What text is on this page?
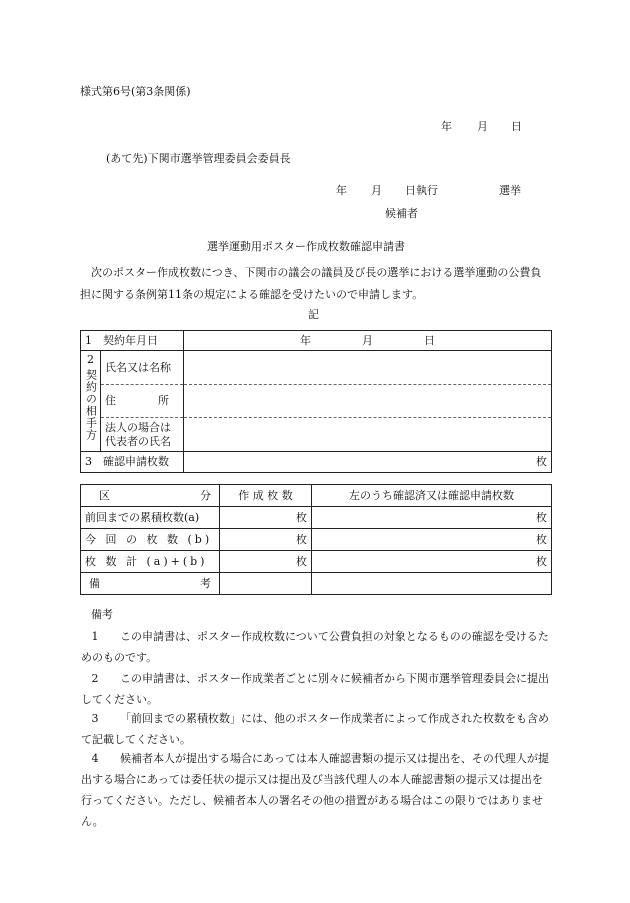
様式第6号(第3条関係)
年 月 日
(あて先)下関市選挙管理委員会委員長
年 月 日執行	選挙
候補者
選挙運動用ポスター作成枚数確認申請書
次のポスター作成枚数につき、下関市の議会の議員及び長の選挙における選挙運動の公費負担に関する条例第11条の規定による確認を受けたいので申請します。
記
1　契約年月日		年 月 日

2
契約の相手方	氏名又は名称	
	住 所	

	法人の場合は
代表者の氏名	

3　確認申請枚数		枚
区 分	作 成 枚 数	左のうち確認済又は確認申請枚数
前回までの累積枚数(a)	枚	枚
今 回 の 枚 数 (b)	枚	枚
枚 数 計 (a)+(b)	枚	枚
備 考		

備考
1	この申請書は、ポスター作成枚数について公費負担の対象となるものの確認を受けるためのものです。
2	この申請書は、ポスター作成業者ごとに別々に候補者から下関市選挙管理委員会に提出してください。
3	「前回までの累積枚数」には、他のポスター作成業者によって作成された枚数をも含めて記載してください。
4	候補者本人が提出する場合にあっては本人確認書類の提示又は提出を、その代理人が提出する場合にあっては委任状の提示又は提出及び当該代理人の本人確認書類の提示又は提出を行ってください。ただし、候補者本人の署名その他の措置がある場合はこの限りではありません。
